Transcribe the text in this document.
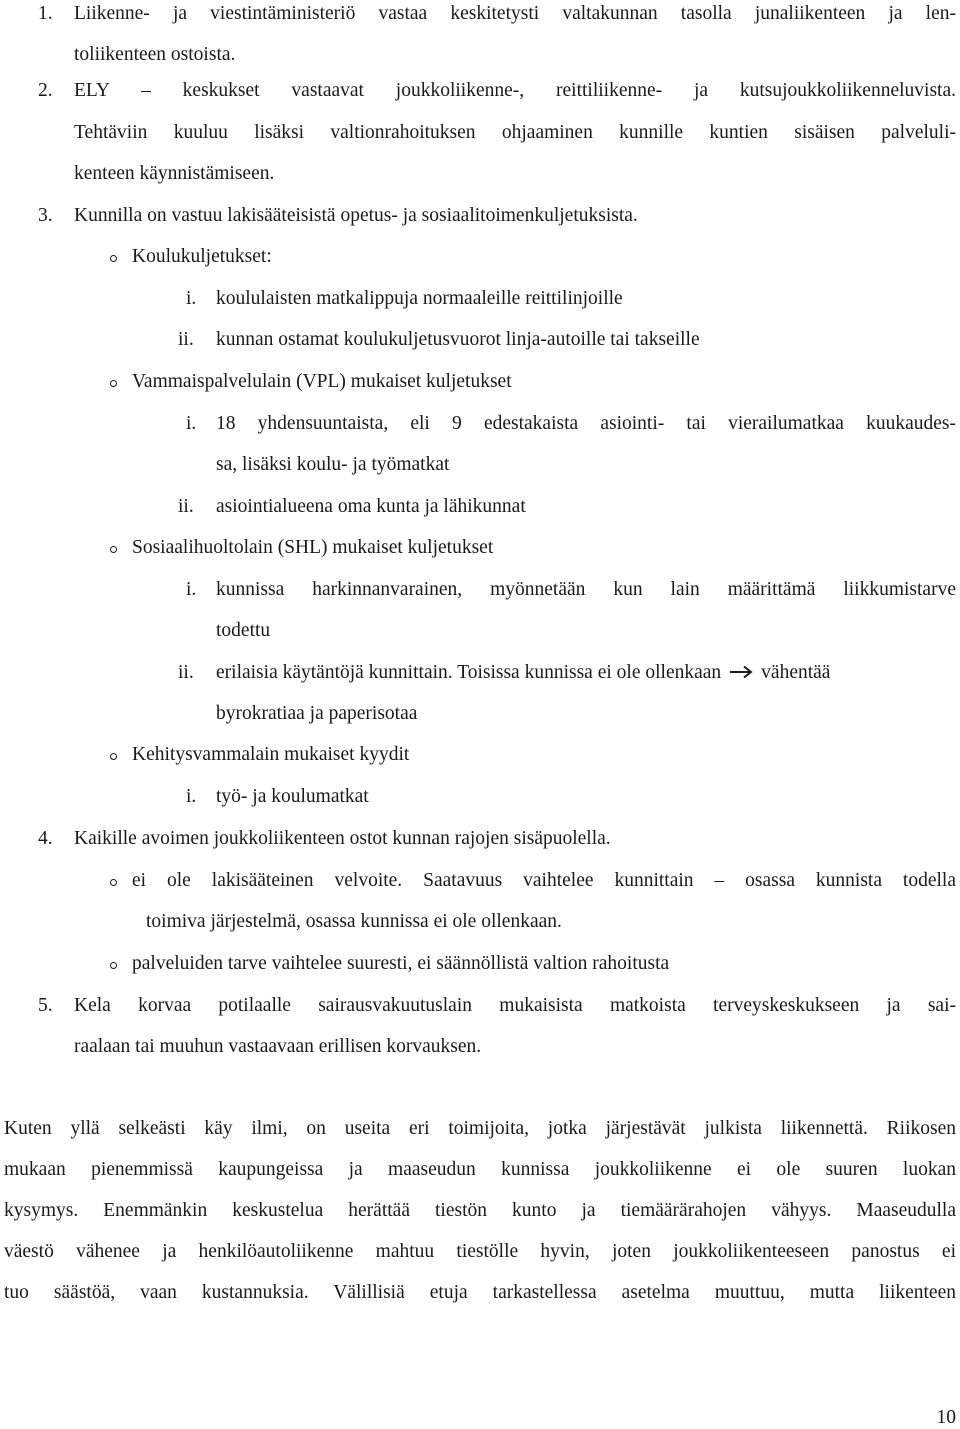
1. Liikenne- ja viestintäministeriö vastaa keskitetysti valtakunnan tasolla junaliikenteen ja len-
toliikenteen ostoista.
2. ELY – keskukset vastaavat joukkoliikenne-, reittiliikenne- ja kutsujoukkoliikenneluvista.
Tehtäviin kuuluu lisäksi valtionrahoituksen ohjaaminen kunnille kuntien sisäisen palveluli-
kenteen käynnistämiseen.
3. Kunnilla on vastuu lakisääteisistä opetus- ja sosiaalitoimenkuljetuksista.
Koulukuljetukset:
i. koululaisten matkalippuja normaaleille reittilinjoille
ii. kunnan ostamat koulukuljetusvuorot linja-autoille tai takseille
Vammaispalvelulain (VPL) mukaiset kuljetukset
i. 18 yhdensuuntaista, eli 9 edestakaista asiointi- tai vierailumatkaa kuukaudes-
sa, lisäksi koulu- ja työmatkat
ii. asiointialueena oma kunta ja lähikunnat
Sosiaalihuoltolain (SHL) mukaiset kuljetukset
i. kunnissa harkinnanvarainen, myönnetään kun lain määrittämä liikkumistarve
todettu
ii. erilaisia käytäntöjä kunnittain. Toisissa kunnissa ei ole ollenkaan vähentää
byrokratiaa ja paperisotaa
Kehitysvammalain mukaiset kyydit
i. työ- ja koulumatkat
4. Kaikille avoimen joukkoliikenteen ostot kunnan rajojen sisäpuolella.
ei ole lakisääteinen velvoite. Saatavuus vaihtelee kunnittain – osassa kunnista todella
toimiva järjestelmä, osassa kunnissa ei ole ollenkaan.
palveluiden tarve vaihtelee suuresti, ei säännöllistä valtion rahoitusta
5. Kela korvaa potilaalle sairausvakuutuslain mukaisista matkoista terveyskeskukseen ja sai-
raalaan tai muuhun vastaavaan erillisen korvauksen.
Kuten yllä selkeästi käy ilmi, on useita eri toimijoita, jotka järjestävät julkista liikennettä. Riikosen
mukaan pienemmissä kaupungeissa ja maaseudun kunnissa joukkoliikenne ei ole suuren luokan
kysymys. Enemmänkin keskustelua herättää tiestön kunto ja tiemäärärahojen vähyys. Maaseudulla
väestö vähenee ja henkilöautoliikenne mahtuu tiestölle hyvin, joten joukkoliikenteeseen panostus ei
tuo säästöä, vaan kustannuksia. Välillisiä etuja tarkastellessa asetelma muuttuu, mutta liikenteen
10
